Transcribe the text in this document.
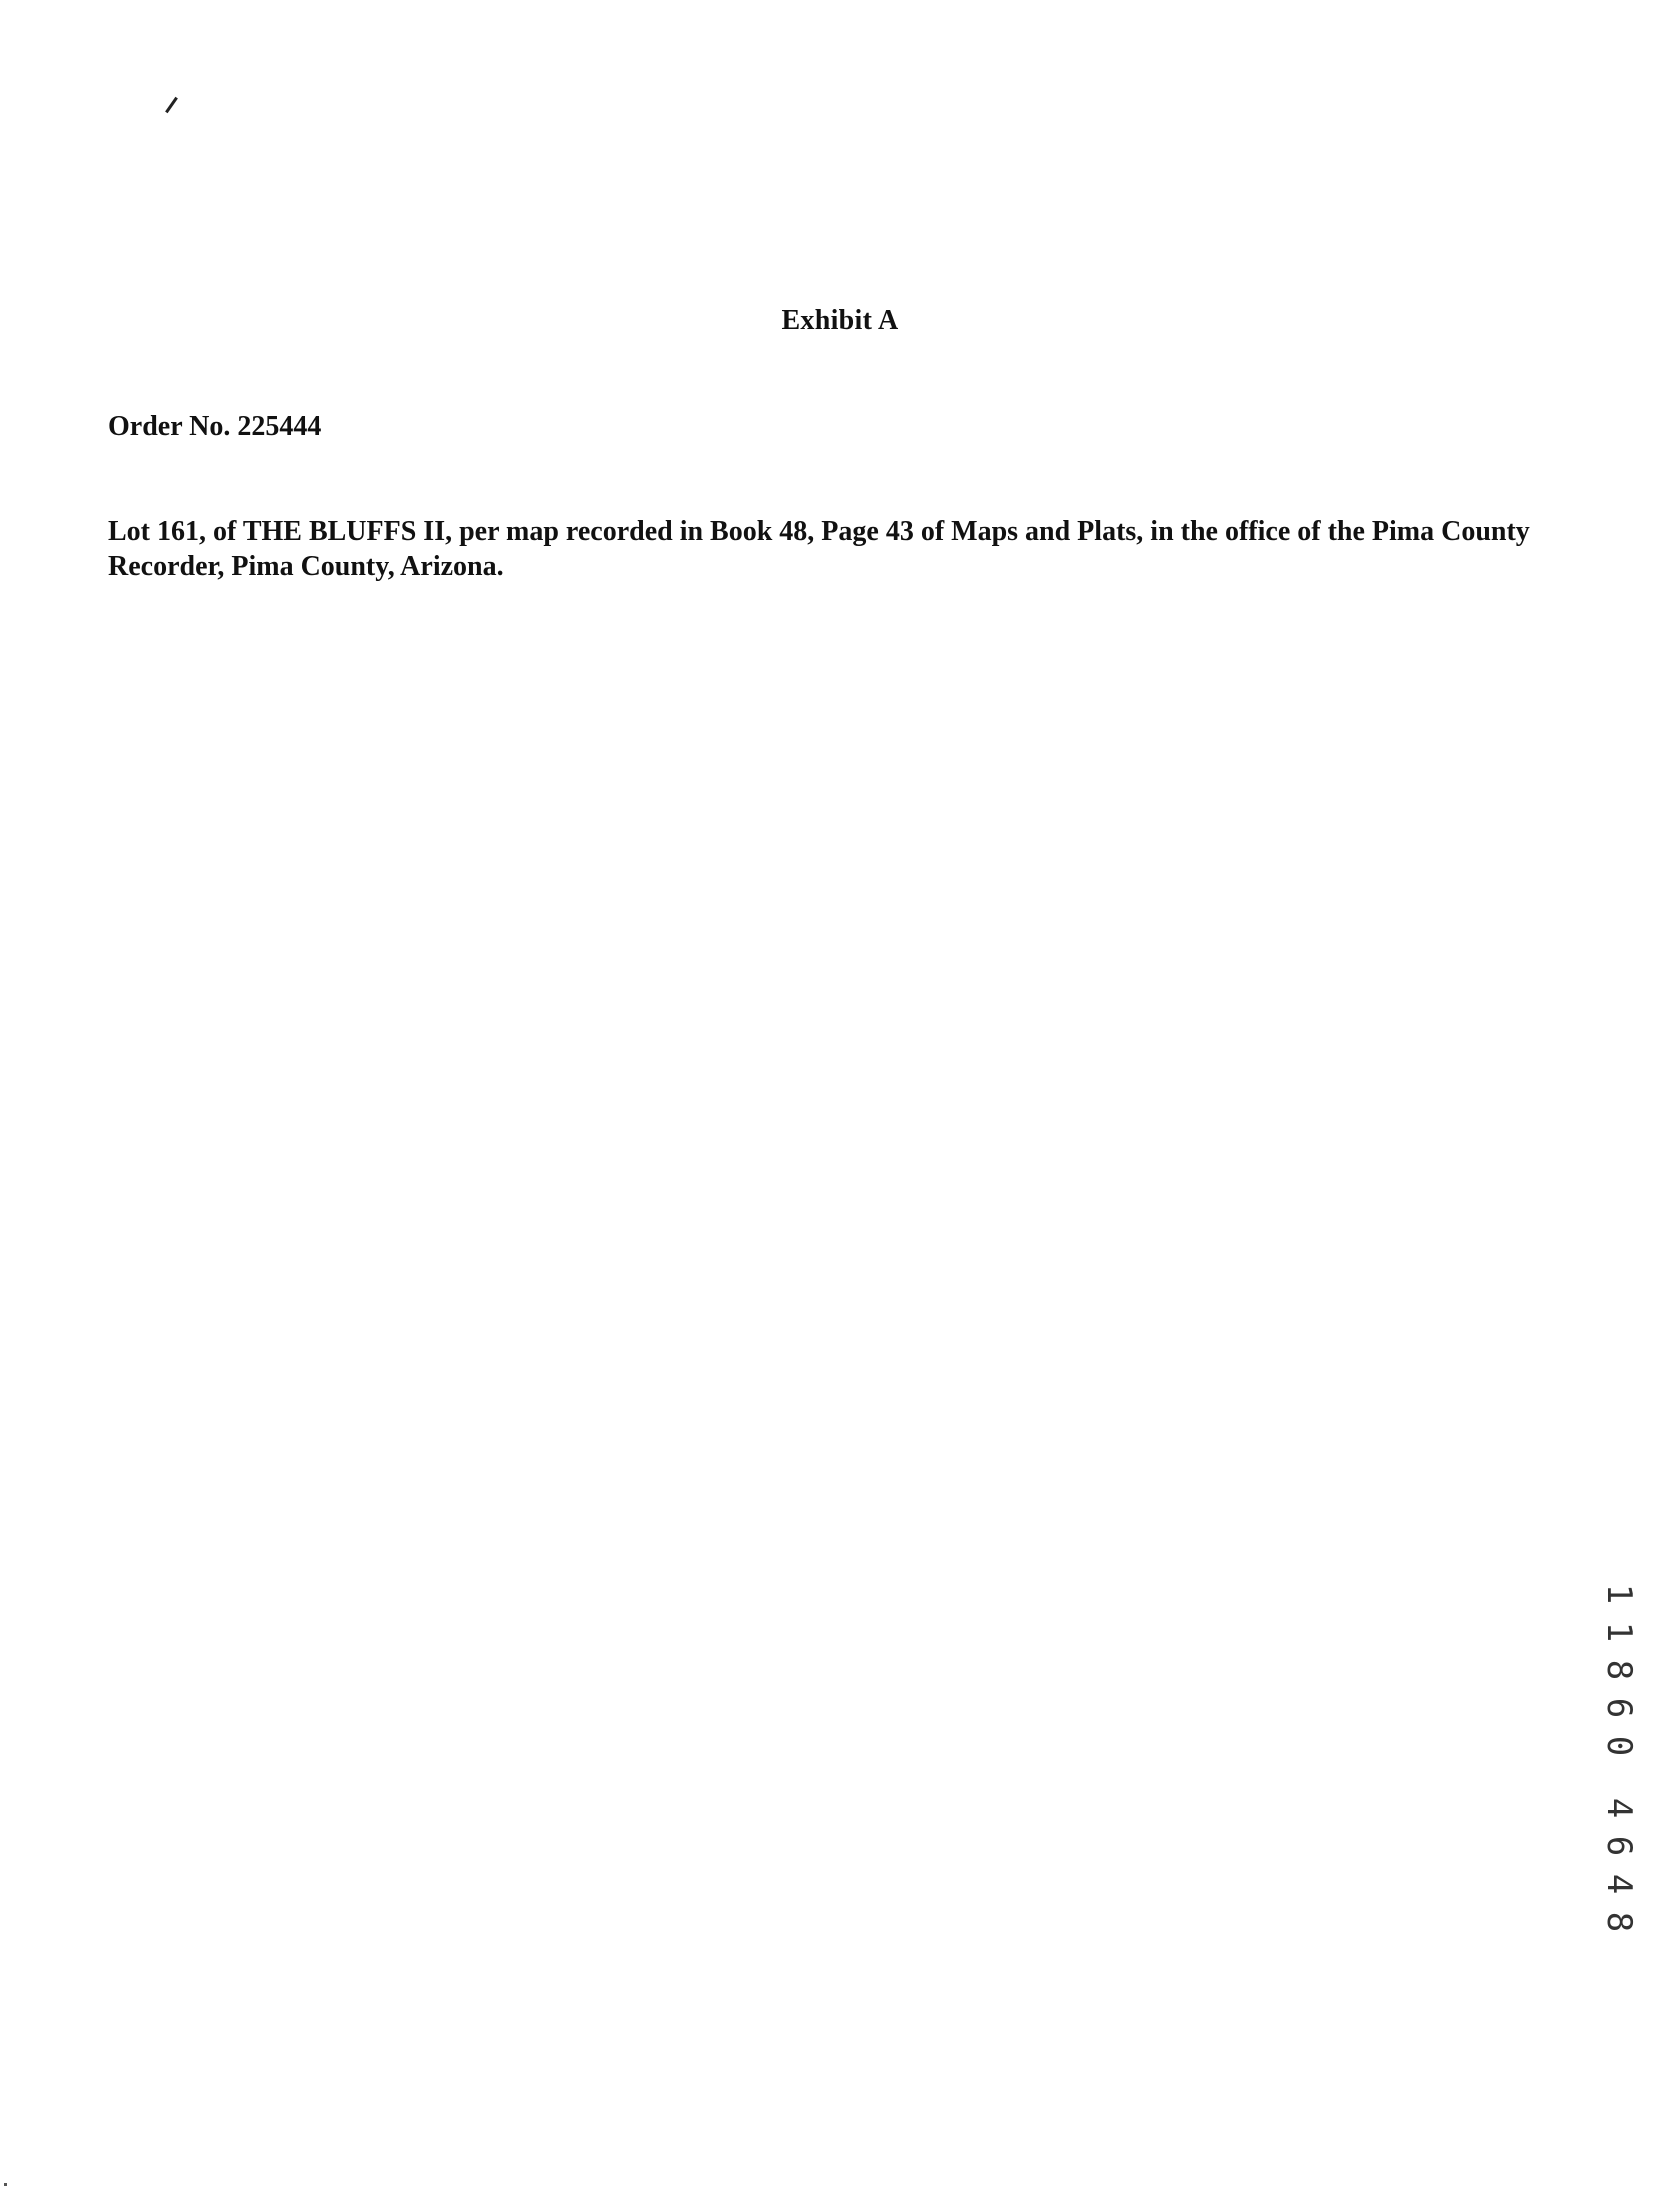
Exhibit A
Order No. 225444

Lot 161, of THE BLUFFS II, per map recorded in Book 48, Page 43 of Maps and Plats, in the office of the Pima County Recorder, Pima County, Arizona.

1
1
8
6
0
4
6
4
8
